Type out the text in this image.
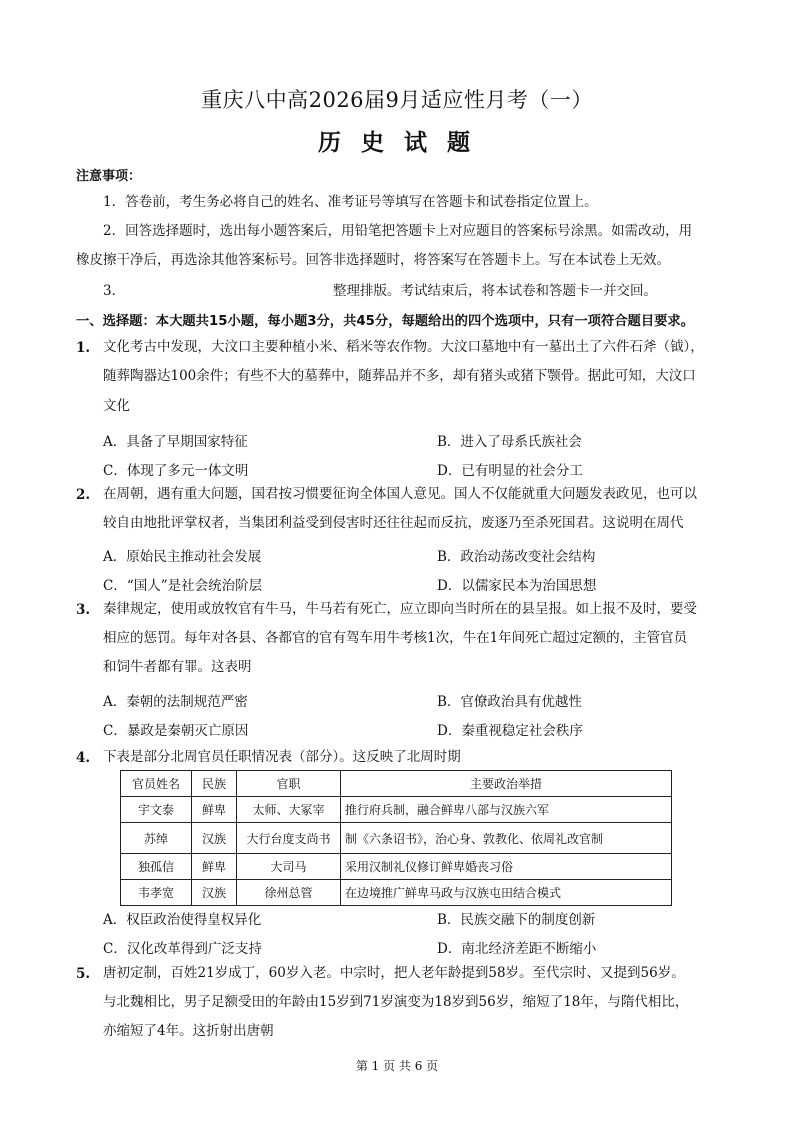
重庆八中高2026届9月适应性月考（一）
历 史 试 题
注意事项：
1．答卷前，考生务必将自己的姓名、准考证号等填写在答题卡和试卷指定位置上。
2．回答选择题时，选出每小题答案后，用铅笔把答题卡上对应题目的答案标号涂黑。如需改动，用
橡皮擦干净后，再选涂其他答案标号。回答非选择题时，将答案写在答题卡上。写在本试卷上无效。
3．	整理排版。考试结束后，将本试卷和答题卡一并交回。
一、选择题：本大题共15小题，每小题3分，共45分，每题给出的四个选项中，只有一项符合题目要求。
1. 文化考古中发现，大汶口主要种植小米、稻米等农作物。大汶口墓地中有一墓出土了六件石斧（钺），
随葬陶器达100余件；有些不大的墓葬中，随葬品并不多，却有猪头或猪下颚骨。据此可知，大汶口
文化
A．具备了早期国家特征	B．进入了母系氏族社会
C．体现了多元一体文明	D．已有明显的社会分工
2. 在周朝，遇有重大问题，国君按习惯要征询全体国人意见。国人不仅能就重大问题发表政见，也可以
较自由地批评掌权者，当集团利益受到侵害时还往往起而反抗，废逐乃至杀死国君。这说明在周代
A．原始民主推动社会发展	B．政治动荡改变社会结构
C．“国人”是社会统治阶层	D．以儒家民本为治国思想
3. 秦律规定，使用或放牧官有牛马，牛马若有死亡，应立即向当时所在的县呈报。如上报不及时，要受
相应的惩罚。每年对各县、各都官的官有驾车用牛考核1次，牛在1年间死亡超过定额的，主管官员
和饲牛者都有罪。这表明
A．秦朝的法制规范严密	B．官僚政治具有优越性
C．暴政是秦朝灭亡原因	D．秦重视稳定社会秩序
4. 下表是部分北周官员任职情况表（部分）。这反映了北周时期
官员姓名	民族	官职	主要政治举措
宇文泰	鲜卑	太师、大冢宰	推行府兵制，融合鲜卑八部与汉族六军
苏绰	汉族	大行台度支尚书	制《六条诏书》，治心身、敦教化、依周礼改官制
独孤信	鲜卑	大司马	采用汉制礼仪修订鲜卑婚丧习俗
韦孝宽	汉族	徐州总管	在边境推广鲜卑马政与汉族屯田结合模式
A．权臣政治使得皇权异化	B．民族交融下的制度创新
C．汉化改革得到广泛支持	D．南北经济差距不断缩小
5. 唐初定制，百姓21岁成丁，60岁入老。中宗时，把人老年龄提到58岁。至代宗时、又提到56岁。
与北魏相比，男子足额受田的年龄由15岁到71岁演变为18岁到56岁，缩短了18年，与隋代相比，
亦缩短了4年。这折射出唐朝
第 1 页 共 6 页
